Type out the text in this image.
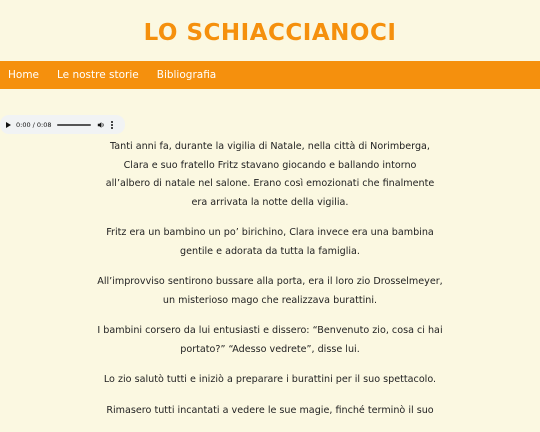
LO SCHIACCIANOCI
Home Le nostre storie Bibliografia
0:00 / 0:08

Tanti anni fa, durante la vigilia di Natale, nella città di Norimberga,
Clara e suo fratello Fritz stavano giocando e ballando intorno
all’albero di natale nel salone. Erano così emozionati che finalmente
era arrivata la notte della vigilia.

Fritz era un bambino un po’ birichino, Clara invece era una bambina
gentile e adorata da tutta la famiglia.

All’improvviso sentirono bussare alla porta, era il loro zio Drosselmeyer,
un misterioso mago che realizzava burattini.

I bambini corsero da lui entusiasti e dissero: “Benvenuto zio, cosa ci hai
portato?” “Adesso vedrete”, disse lui.

Lo zio salutò tutti e iniziò a preparare i burattini per il suo spettacolo.

Rimasero tutti incantati a vedere le sue magie, finché terminò il suo
